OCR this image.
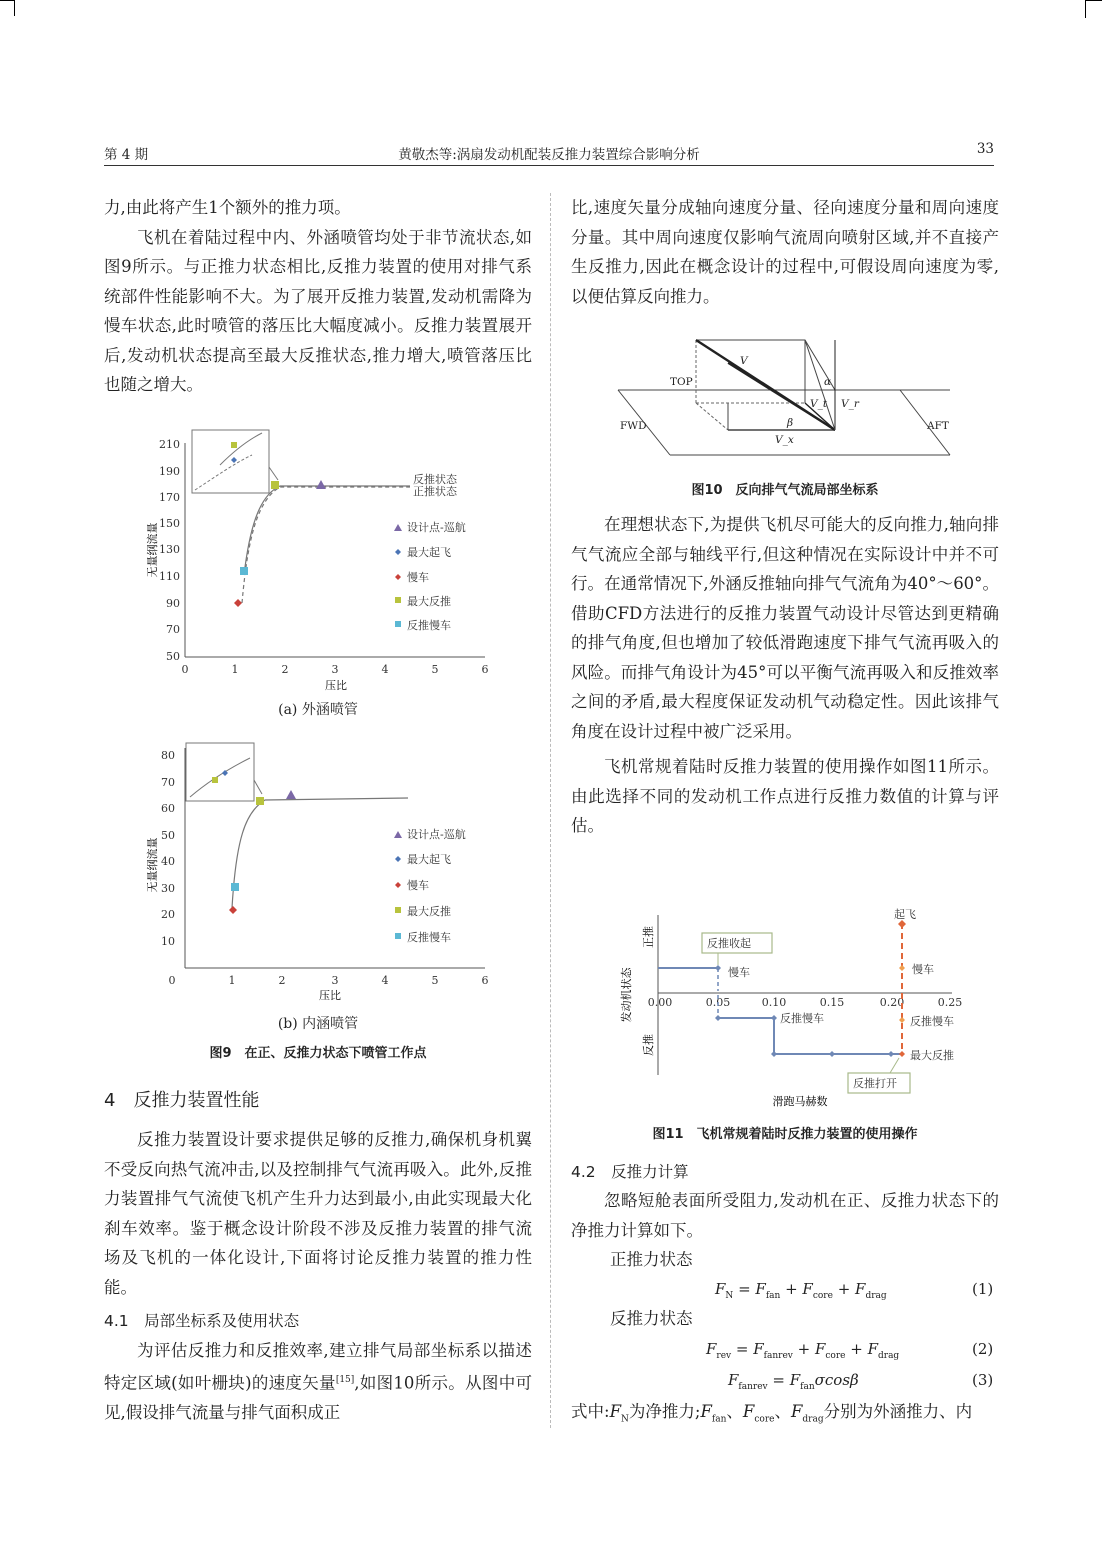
第 4 期	黄敬杰等:涡扇发动机配装反推力装置综合影响分析	33

力,由此将产生1个额外的推力项。

飞机在着陆过程中内、外涵喷管均处于非节流状态,如图9所示。与正推力状态相比,反推力装置的使用对排气系统部件性能影响不大。为了展开反推力装置,发动机需降为慢车状态,此时喷管的落压比大幅度减小。反推力装置展开后,发动机状态提高至最大反推状态,推力增大,喷管落压比也随之增大。

210
190
170
150
130
110
90
70
50
0	1	2	3	4	5	6
压比
无量纲流量
反推状态
正推状态
设计点-巡航
最大起飞
慢车
最大反推
反推慢车
(a) 外涵喷管
80
70
60
50
40
30
20
10
0	1	2	3	4	5	6
压比
无量纲流量
设计点-巡航
最大起飞
慢车
最大反推
反推慢车
(b) 内涵喷管
图9　在正、反推力状态下喷管工作点
4　反推力装置性能

反推力装置设计要求提供足够的反推力,确保机身机翼不受反向热气流冲击,以及控制排气气流再吸入。此外,反推力装置排气气流使飞机产生升力达到最小,由此实现最大化刹车效率。鉴于概念设计阶段不涉及反推力装置的排气流场及飞机的一体化设计,下面将讨论反推力装置的推力性能。

4.1　局部坐标系及使用状态

为评估反推力和反推效率,建立排气局部坐标系以描述特定区域(如叶栅块)的速度矢量[15],如图10所示。从图中可见,假设排气流量与排气面积成正

比,速度矢量分成轴向速度分量、径向速度分量和周向速度分量。其中周向速度仅影响气流周向喷射区域,并不直接产生反推力,因此在概念设计的过程中,可假设周向速度为零,以便估算反向推力。

TOP
FWD	AFT
V
V_r
V_x
V_t
α
β
图10　反向排气气流局部坐标系

在理想状态下,为提供飞机尽可能大的反向推力,轴向排气气流应全部与轴线平行,但这种情况在实际设计中并不可行。在通常情况下,外涵反推轴向排气气流角为40°～60°。借助CFD方法进行的反推力装置气动设计尽管达到更精确的排气角度,但也增加了较低滑跑速度下排气气流再吸入的风险。而排气角设计为45°可以平衡气流再吸入和反推效率之间的矛盾,最大程度保证发动机气动稳定性。因此该排气角度在设计过程中被广泛采用。

飞机常规着陆时反推力装置的使用操作如图11所示。由此选择不同的发动机工作点进行反推力数值的计算与评估。

0.00	0.05	0.10	0.15	0.20	0.25
发动机状态
正推
反推
滑跑马赫数
反推收起
慢车
起飞
慢车
反推慢车	反推慢车
最大反推
反推打开
图11　飞机常规着陆时反推力装置的使用操作
4.2　反推力计算

忽略短舱表面所受阻力,发动机在正、反推力状态下的净推力计算如下。

正推力状态
$F_N = F_{fan} + F_{core} + F_{drag}$	(1)
反推力状态
$F_{rev} = F_{fanrev} + F_{core} + F_{drag}$	(2)
$F_{fanrev} = F_{fan}\sigma\cos\beta$	(3)
式中$:F_N$为净推力$;F_{fan}$、$F_{core}$、$F_{drag}$分别为外涵推力、内
